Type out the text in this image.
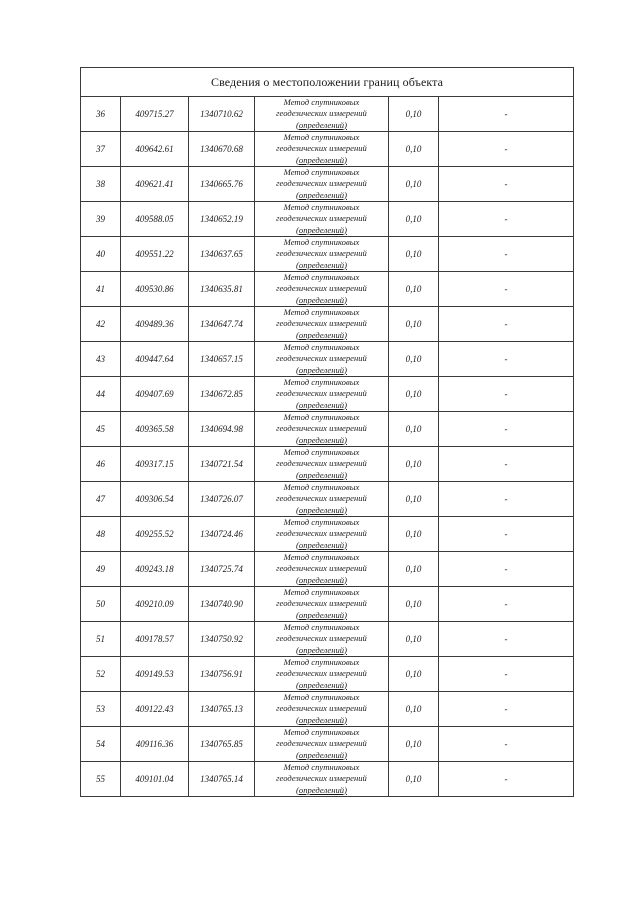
Сведения о местоположении границ объекта					
36	409715.27	1340710.62	Метод спутниковых
геодезических измерений
(определений)	0,10	-
37	409642.61	1340670.68	Метод спутниковых
геодезических измерений
(определений)	0,10	-
38	409621.41	1340665.76	Метод спутниковых
геодезических измерений
(определений)	0,10	-
39	409588.05	1340652.19	Метод спутниковых
геодезических измерений
(определений)	0,10	-
40	409551.22	1340637.65	Метод спутниковых
геодезических измерений
(определений)	0,10	-
41	409530.86	1340635.81	Метод спутниковых
геодезических измерений
(определений)	0,10	-
42	409489.36	1340647.74	Метод спутниковых
геодезических измерений
(определений)	0,10	-
43	409447.64	1340657.15	Метод спутниковых
геодезических измерений
(определений)	0,10	-
44	409407.69	1340672.85	Метод спутниковых
геодезических измерений
(определений)	0,10	-
45	409365.58	1340694.98	Метод спутниковых
геодезических измерений
(определений)	0,10	-
46	409317.15	1340721.54	Метод спутниковых
геодезических измерений
(определений)	0,10	-
47	409306.54	1340726.07	Метод спутниковых
геодезических измерений
(определений)	0,10	-
48	409255.52	1340724.46	Метод спутниковых
геодезических измерений
(определений)	0,10	-
49	409243.18	1340725.74	Метод спутниковых
геодезических измерений
(определений)	0,10	-
50	409210.09	1340740.90	Метод спутниковых
геодезических измерений
(определений)	0,10	-
51	409178.57	1340750.92	Метод спутниковых
геодезических измерений
(определений)	0,10	-
52	409149.53	1340756.91	Метод спутниковых
геодезических измерений
(определений)	0,10	-
53	409122.43	1340765.13	Метод спутниковых
геодезических измерений
(определений)	0,10	-
54	409116.36	1340765.85	Метод спутниковых
геодезических измерений
(определений)	0,10	-
55	409101.04	1340765.14	Метод спутниковых
геодезических измерений
(определений)	0,10	-
